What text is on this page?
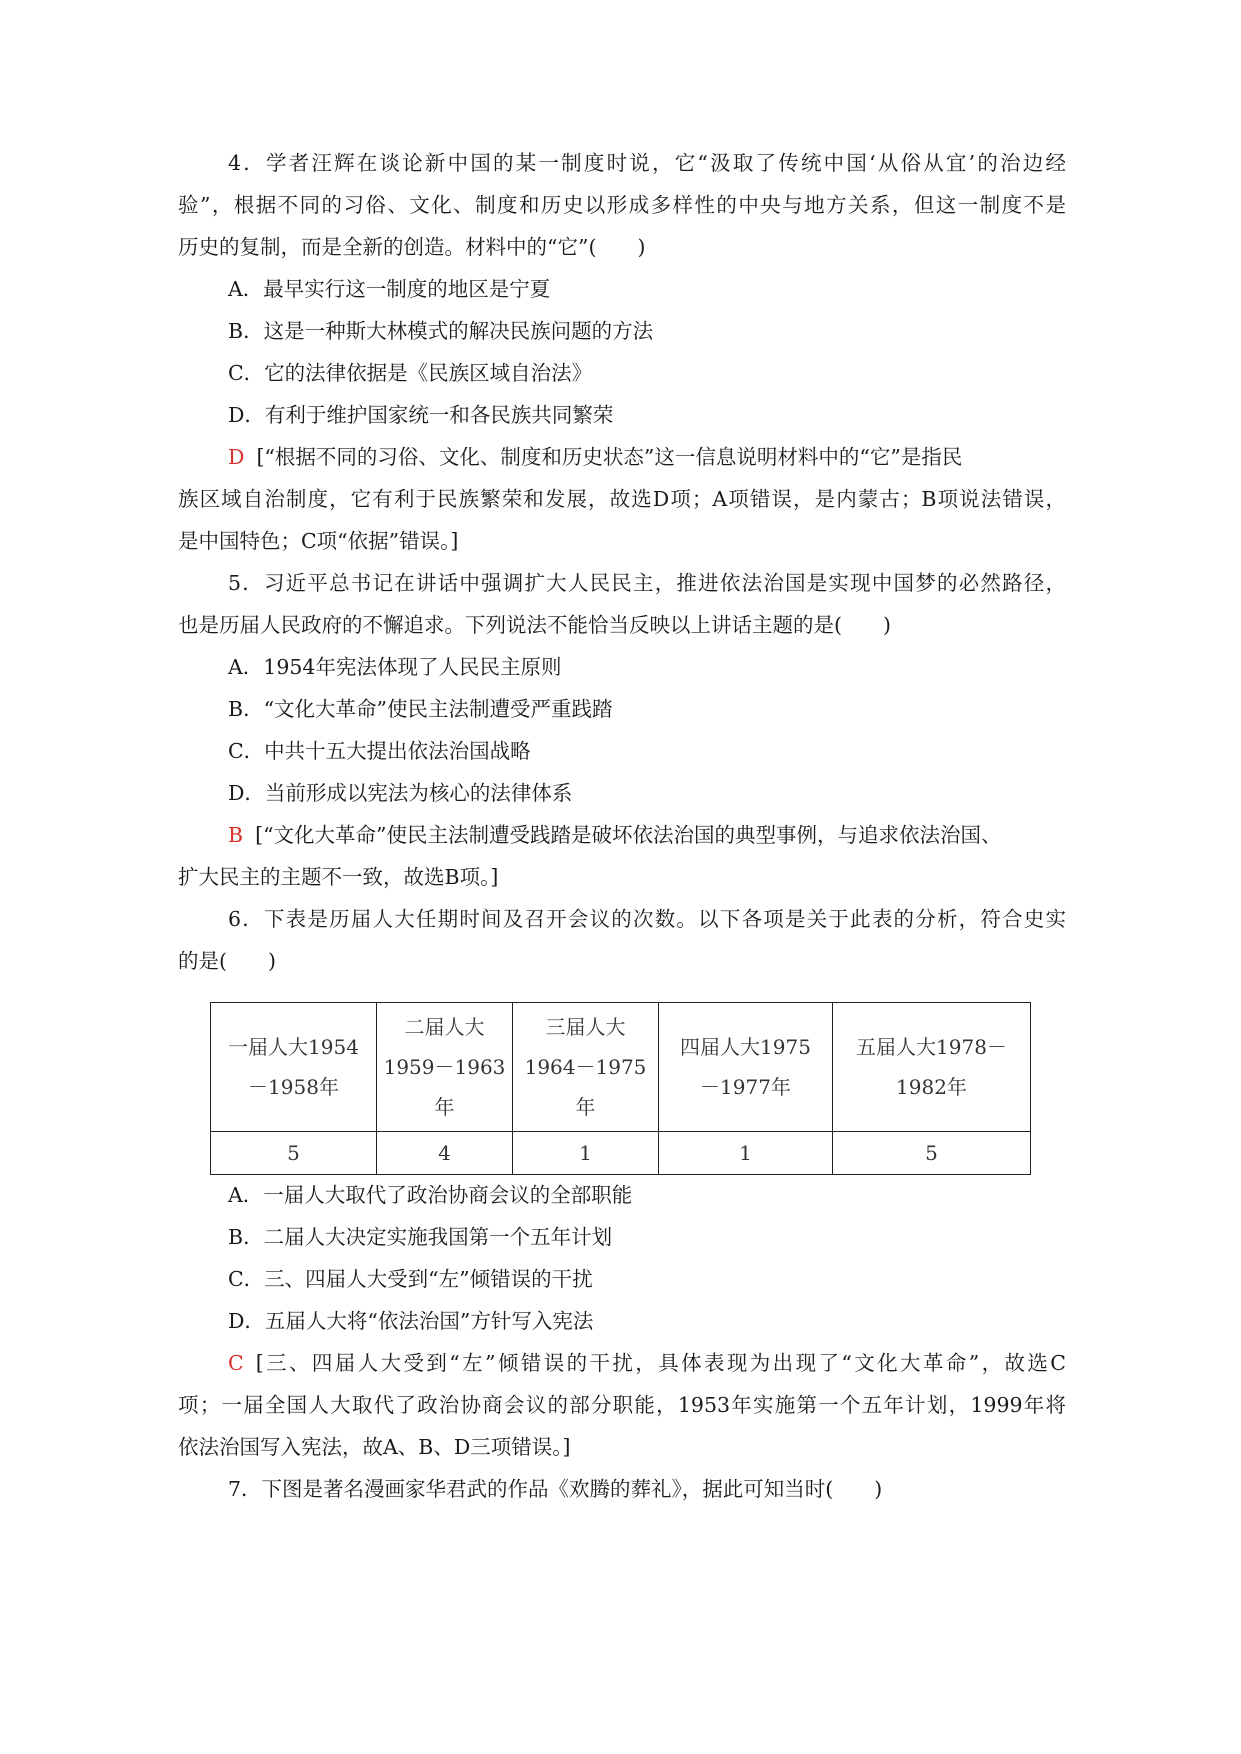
4．学者汪辉在谈论新中国的某一制度时说，它“汲取了传统中国‘从俗从宜’的治边经
验”，根据不同的习俗、文化、制度和历史以形成多样性的中央与地方关系，但这一制度不是
历史的复制，而是全新的创造。材料中的“它”(　　)
A．最早实行这一制度的地区是宁夏
B．这是一种斯大林模式的解决民族问题的方法
C．它的法律依据是《民族区域自治法》
D．有利于维护国家统一和各民族共同繁荣
D [“根据不同的习俗、文化、制度和历史状态”这一信息说明材料中的“它”是指民
族区域自治制度，它有利于民族繁荣和发展，故选D项；A项错误，是内蒙古；B项说法错误，
是中国特色；C项“依据”错误。]
5．习近平总书记在讲话中强调扩大人民民主，推进依法治国是实现中国梦的必然路径，
也是历届人民政府的不懈追求。下列说法不能恰当反映以上讲话主题的是(　　)
A．1954年宪法体现了人民民主原则
B．“文化大革命”使民主法制遭受严重践踏
C．中共十五大提出依法治国战略
D．当前形成以宪法为核心的法律体系
B [“文化大革命”使民主法制遭受践踏是破坏依法治国的典型事例，与追求依法治国、
扩大民主的主题不一致，故选B项。]
6．下表是历届人大任期时间及召开会议的次数。以下各项是关于此表的分析，符合史实
的是(　　)
一届人大1954
－1958年	二届人大
1959－1963
年	三届人大
1964－1975
年	四届人大1975
－1977年	五届人大1978－
1982年

5	4	1	1	5
A．一届人大取代了政治协商会议的全部职能
B．二届人大决定实施我国第一个五年计划
C．三、四届人大受到“左”倾错误的干扰
D．五届人大将“依法治国”方针写入宪法
C [三、四届人大受到“左”倾错误的干扰，具体表现为出现了“文化大革命”，故选C
项；一届全国人大取代了政治协商会议的部分职能，1953年实施第一个五年计划，1999年将
依法治国写入宪法，故A、B、D三项错误。]
7．下图是著名漫画家华君武的作品《欢腾的葬礼》，据此可知当时(　　)
